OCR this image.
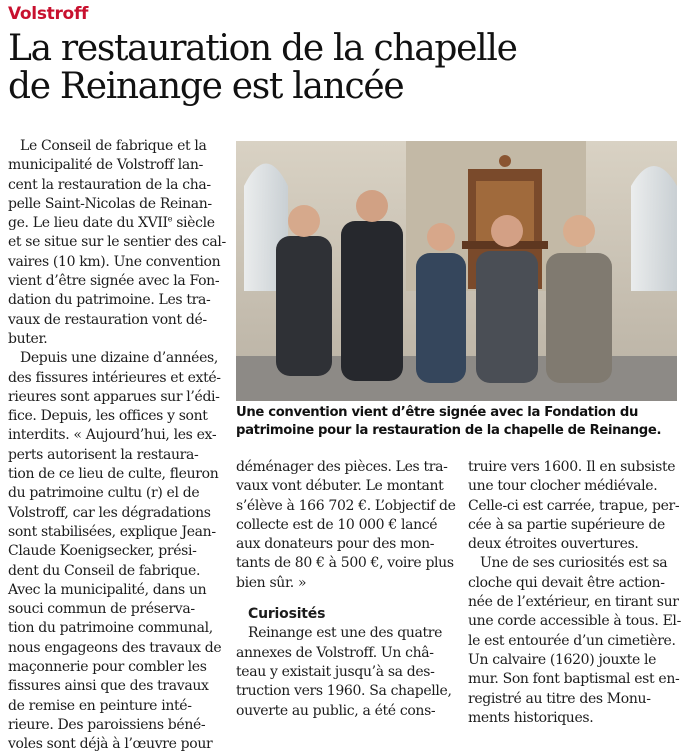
Volstroff
La restauration de la chapelle
de Reinange est lancée
Le Conseil de fabrique et la
municipalité de Volstroff lan-
cent la restauration de la cha-
pelle Saint-Nicolas de Reinan-
ge. Le lieu date du XVIIe siècle
et se situe sur le sentier des cal-
vaires (10 km). Une convention
vient d’être signée avec la Fon-
dation du patrimoine. Les tra-
vaux de restauration vont dé-
buter.
Depuis une dizaine d’années,
des fissures intérieures et exté-
rieures sont apparues sur l’édi-
fice. Depuis, les offices y sont
interdits. « Aujourd’hui, les ex-
perts autorisent la restaura-
tion de ce lieu de culte, fleuron
du patrimoine cultu (r) el de
Volstroff, car les dégradations
sont stabilisées, explique Jean-
Claude Koenigsecker, prési-
dent du Conseil de fabrique.
Avec la municipalité, dans un
souci commun de préserva-
tion du patrimoine communal,
nous engageons des travaux de
maçonnerie pour combler les
fissures ainsi que des travaux
de remise en peinture inté-
rieure. Des paroissiens béné-
voles sont déjà à l’œuvre pour
Une convention vient d’être signée avec la Fondation du
patrimoine pour la restauration de la chapelle de Reinange.
déménager des pièces. Les tra-
vaux vont débuter. Le montant
s’élève à 166 702 €. L’objectif de
collecte est de 10 000 € lancé
aux donateurs pour des mon-
tants de 80 € à 500 €, voire plus
bien sûr. »
Curiosités
Reinange est une des quatre
annexes de Volstroff. Un châ-
teau y existait jusqu’à sa des-
truction vers 1960. Sa chapelle,
ouverte au public, a été cons-
truire vers 1600. Il en subsiste
une tour clocher médiévale.
Celle-ci est carrée, trapue, per-
cée à sa partie supérieure de
deux étroites ouvertures.
Une de ses curiosités est sa
cloche qui devait être action-
née de l’extérieur, en tirant sur
une corde accessible à tous. El-
le est entourée d’un cimetière.
Un calvaire (1620) jouxte le
mur. Son font baptismal est en-
registré au titre des Monu-
ments historiques.
